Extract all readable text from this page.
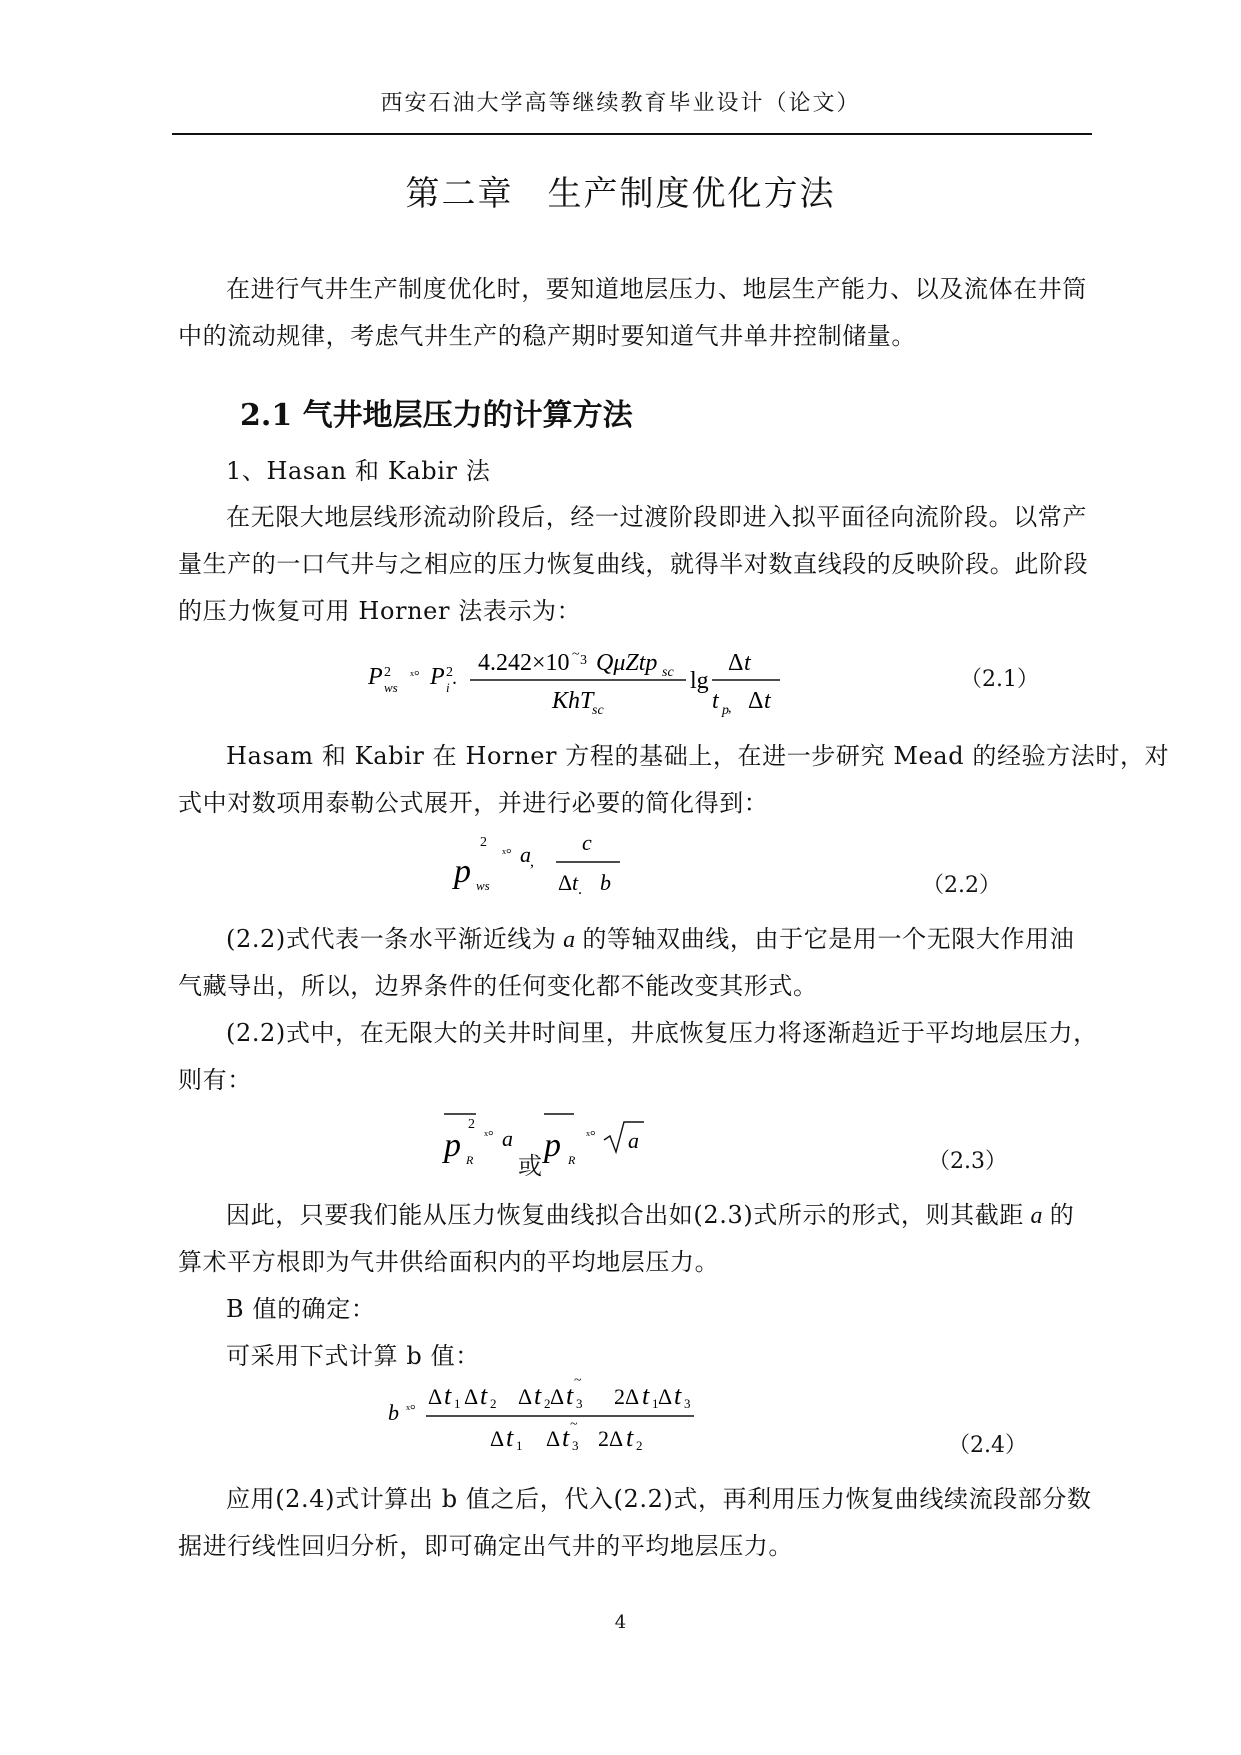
西安石油大学高等继续教育毕业设计（论文）
第二章 生产制度优化方法
在进行气井生产制度优化时，要知道地层压力、地层生产能力、以及流体在井筒
中的流动规律，考虑气井生产的稳产期时要知道气井单井控制储量。
2.1 气井地层压力的计算方法
1、Hasan 和 Kabir 法
在无限大地层线形流动阶段后，经一过渡阶段即进入拟平面径向流阶段。以常产
量生产的一口气井与之相应的压力恢复曲线，就得半对数直线段的反映阶段。此阶段
的压力恢复可用 Horner 法表示为：
P 2
ws
ˣ° P 2
i .
4.242×10 ~ 3 QμZtp sc
KhT
sc
lg
Δ t
t p , Δ t
（2.1）
Hasam 和 Kabir 在 Horner 方程的基础上，在进一步研究 Mead 的经验方法时，对
式中对数项用泰勒公式展开，并进行必要的简化得到：
p
2
ws
ˣ° a ,
c
Δ t . b	（2.2）
(2.2)式代表一条水平渐近线为 a 的等轴双曲线，由于它是用一个无限大作用油
气藏导出，所以，边界条件的任何变化都不能改变其形式。
(2.2)式中，在无限大的关井时间里，井底恢复压力将逐渐趋近于平均地层压力，
则有：
p
2
R
ˣ° a p R
ˣ° a
或	（2.3）
因此，只要我们能从压力恢复曲线拟合出如(2.3)式所示的形式，则其截距 a 的
算术平方根即为气井供给面积内的平均地层压力。
B 值的确定：
可采用下式计算 b 值：
b ˣ°
Δ t 1 Δ t 2 Δ t 2 Δ t 3
~
2Δ t 1 Δ t 3
Δ t 1 Δ t 3
~
2Δ t 2	（2.4）
应用(2.4)式计算出 b 值之后，代入(2.2)式，再利用压力恢复曲线续流段部分数
据进行线性回归分析，即可确定出气井的平均地层压力。
4
